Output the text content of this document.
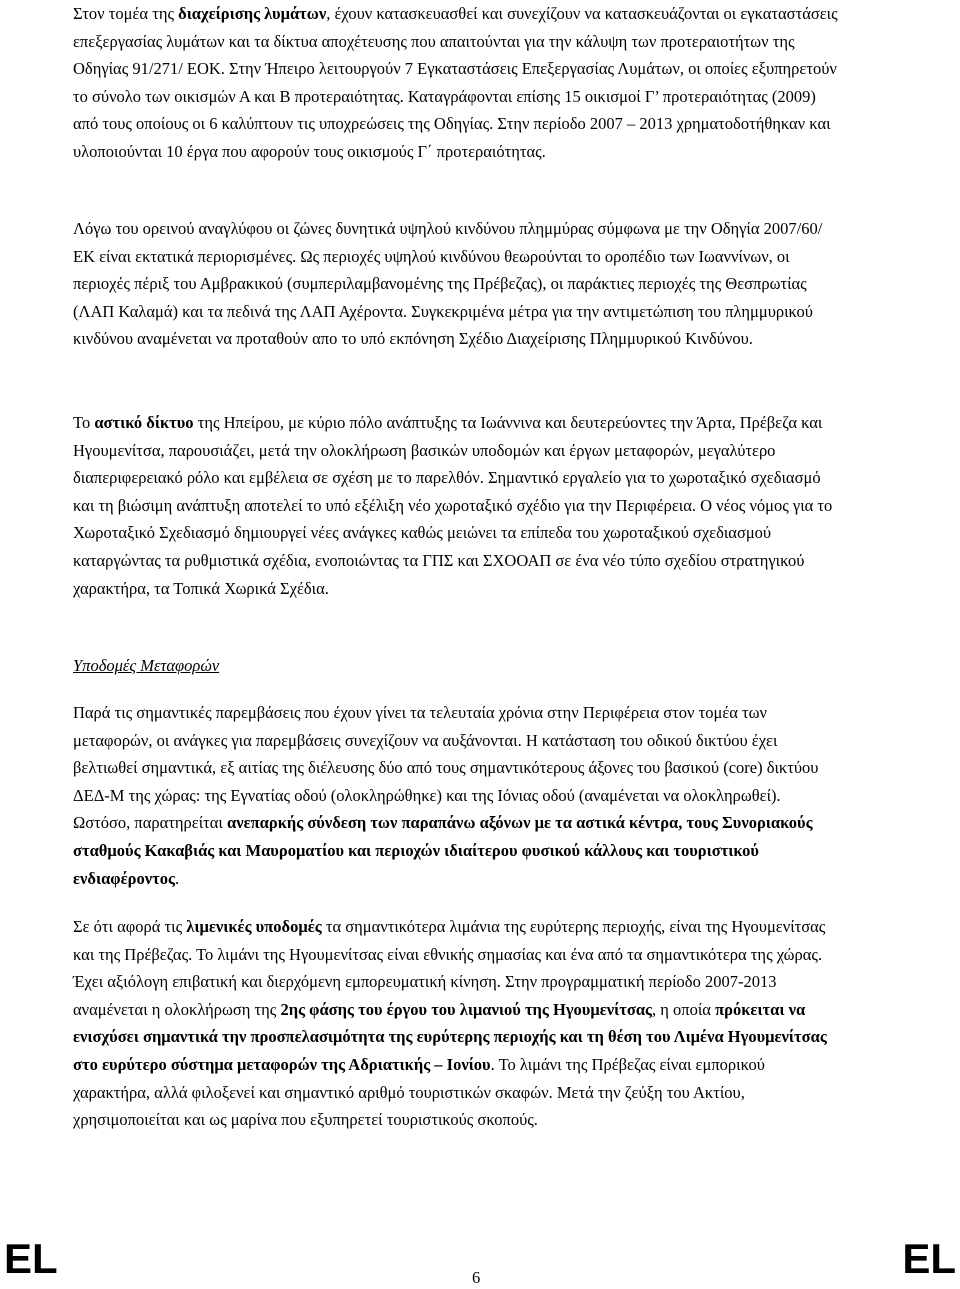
Στον τομέα της διαχείρισης λυμάτων, έχουν κατασκευασθεί και συνεχίζουν να κατασκευάζονται οι εγκαταστάσεις επεξεργασίας λυμάτων και τα δίκτυα αποχέτευσης που απαιτούνται για την κάλυψη των προτεραιοτήτων της Οδηγίας 91/271/ ΕΟΚ. Στην Ήπειρο λειτουργούν 7 Εγκαταστάσεις Επεξεργασίας Λυμάτων, οι οποίες εξυπηρετούν το σύνολο των οικισμών Α και Β προτεραιότητας. Καταγράφονται επίσης 15 οικισμοί Γ’ προτεραιότητας (2009) από τους οποίους οι 6 καλύπτουν τις υποχρεώσεις της Οδηγίας. Στην περίοδο 2007 – 2013 χρηματοδοτήθηκαν και υλοποιούνται 10 έργα που αφορούν τους οικισμούς Γ΄ προτεραιότητας.

Λόγω του ορεινού αναγλύφου οι ζώνες δυνητικά υψηλού κινδύνου πλημμύρας σύμφωνα με την Οδηγία 2007/60/ΕΚ είναι εκτατικά περιορισμένες. Ως περιοχές υψηλού κινδύνου θεωρούνται το οροπέδιο των Ιωαννίνων, οι περιοχές πέριξ του Αμβρακικού (συμπεριλαμβανομένης της Πρέβεζας), οι παράκτιες περιοχές της Θεσπρωτίας (ΛΑΠ Καλαμά) και τα πεδινά της ΛΑΠ Αχέροντα. Συγκεκριμένα μέτρα για την αντιμετώπιση του πλημμυρικού κινδύνου αναμένεται να προταθούν απο το υπό εκπόνηση Σχέδιο Διαχείρισης Πλημμυρικού Κινδύνου.

Το αστικό δίκτυο της Ηπείρου, με κύριο πόλο ανάπτυξης τα Ιωάννινα και δευτερεύοντες την Άρτα, Πρέβεζα και Ηγουμενίτσα, παρουσιάζει, μετά την ολοκλήρωση βασικών υποδομών και έργων μεταφορών, μεγαλύτερο διαπεριφερειακό ρόλο και εμβέλεια σε σχέση με το παρελθόν. Σημαντικό εργαλείο για το χωροταξικό σχεδιασμό και τη βιώσιμη ανάπτυξη αποτελεί το υπό εξέλιξη νέο χωροταξικό σχέδιο για την Περιφέρεια. Ο νέος νόμος για το Χωροταξικό Σχεδιασμό δημιουργεί νέες ανάγκες καθώς μειώνει τα επίπεδα του χωροταξικού σχεδιασμού καταργώντας τα ρυθμιστικά σχέδια, ενοποιώντας τα ΓΠΣ και ΣΧΟΟΑΠ σε ένα νέο τύπο σχεδίου στρατηγικού χαρακτήρα, τα Τοπικά Χωρικά Σχέδια.

Υποδομές Μεταφορών

Παρά τις σημαντικές παρεμβάσεις που έχουν γίνει τα τελευταία χρόνια στην Περιφέρεια στον τομέα των μεταφορών, οι ανάγκες για παρεμβάσεις συνεχίζουν να αυξάνονται. Η κατάσταση του οδικού δικτύου έχει βελτιωθεί σημαντικά, εξ αιτίας της διέλευσης δύο από τους σημαντικότερους άξονες του βασικού (core) δικτύου ΔΕΔ-Μ της χώρας: της Εγνατίας οδού (ολοκληρώθηκε) και της Ιόνιας οδού (αναμένεται να ολοκληρωθεί). Ωστόσο, παρατηρείται ανεπαρκής σύνδεση των παραπάνω αξόνων με τα αστικά κέντρα, τους Συνοριακούς σταθμούς Κακαβιάς και Μαυροματίου και περιοχών ιδιαίτερου φυσικού κάλλους και τουριστικού ενδιαφέροντος.

Σε ότι αφορά τις λιμενικές υποδομές τα σημαντικότερα λιμάνια της ευρύτερης περιοχής, είναι της Ηγουμενίτσας και της Πρέβεζας. Το λιμάνι της Ηγουμενίτσας είναι εθνικής σημασίας και ένα από τα σημαντικότερα της χώρας. Έχει αξιόλογη επιβατική και διερχόμενη εμπορευματική κίνηση. Στην προγραμματική περίοδο 2007-2013 αναμένεται η ολοκλήρωση της 2ης φάσης του έργου του λιμανιού της Ηγουμενίτσας, η οποία πρόκειται να ενισχύσει σημαντικά την προσπελασιμότητα της ευρύτερης περιοχής και τη θέση του Λιμένα Ηγουμενίτσας στο ευρύτερο σύστημα μεταφορών της Αδριατικής – Ιονίου. Το λιμάνι της Πρέβεζας είναι εμπορικού χαρακτήρα, αλλά φιλοξενεί και σημαντικό αριθμό τουριστικών σκαφών. Μετά την ζεύξη του Ακτίου, χρησιμοποιείται και ως μαρίνα που εξυπηρετεί τουριστικούς σκοπούς.

EL	6	EL
